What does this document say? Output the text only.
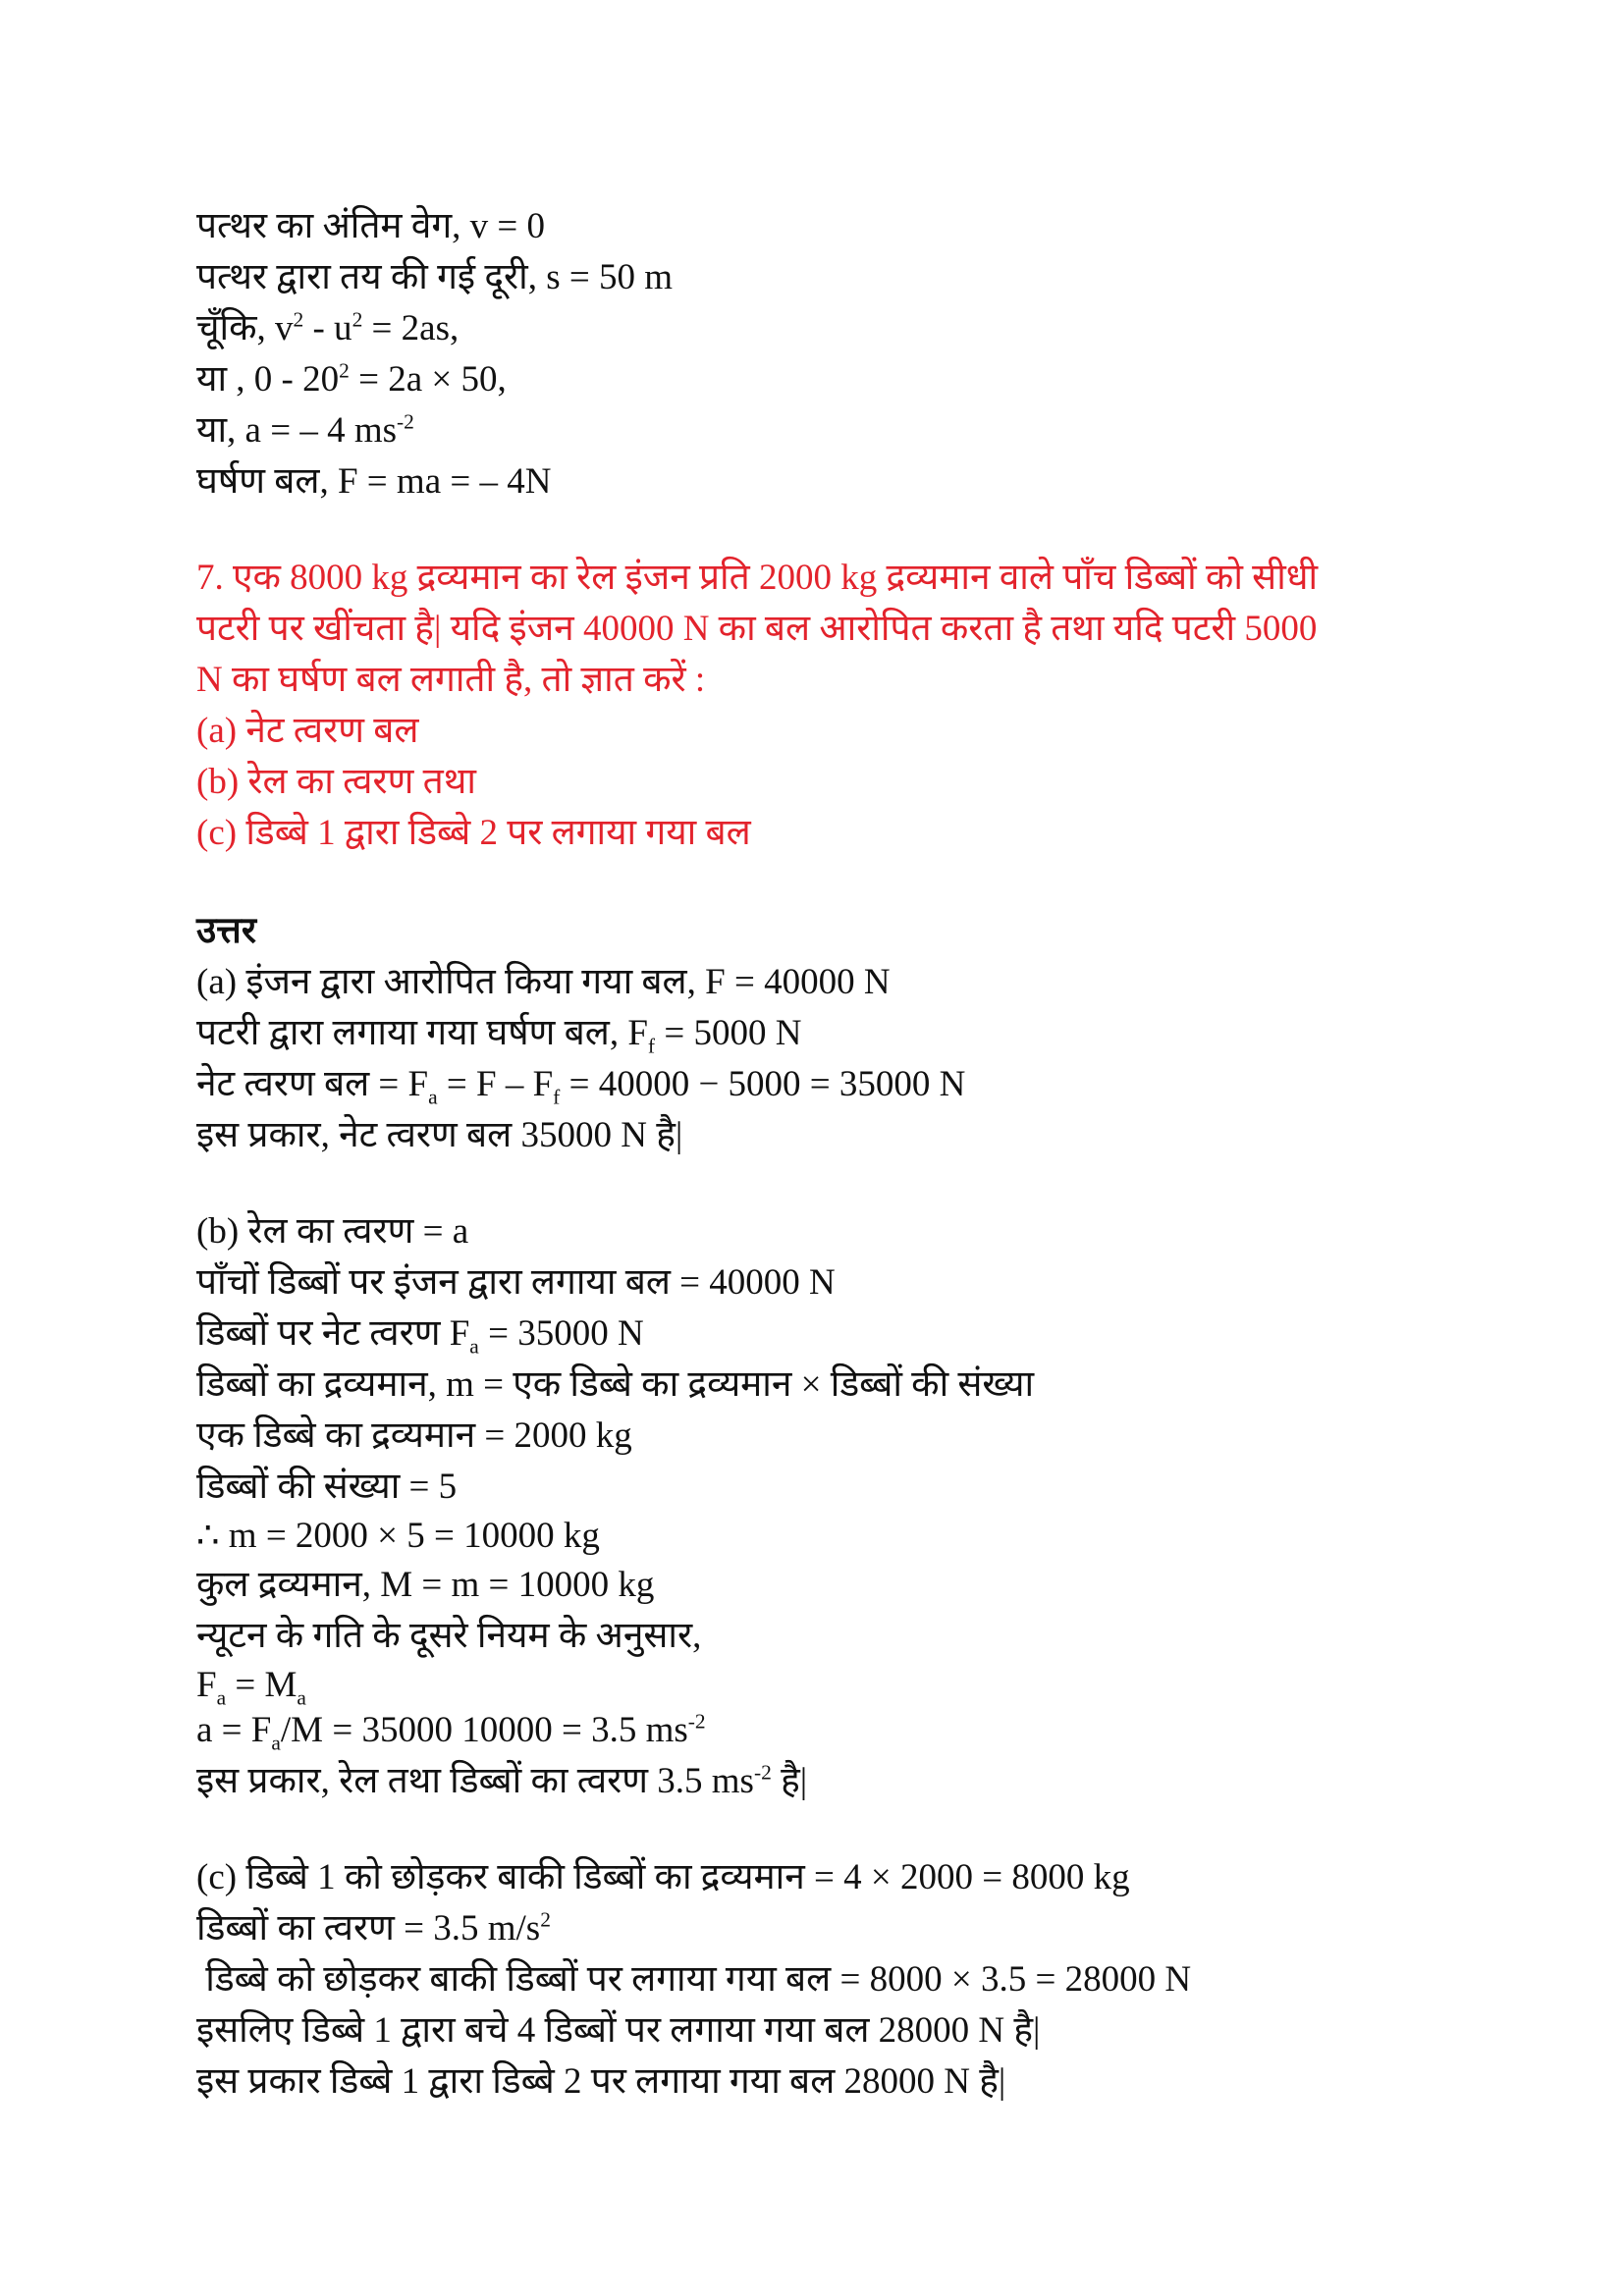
पत्थर का अंतिम वेग, v = 0
पत्थर द्वारा तय की गई दूरी, s = 50 m
चूँकि, $v^2 - u^2 = 2as$,
या , $0 - 20^2 = 2a \times 50$,
या, a = – 4 $ms^{-2}$
घर्षण बल, F = ma = – 4N
7. एक 8000 kg द्रव्यमान का रेल इंजन प्रति 2000 kg द्रव्यमान वाले पाँच डिब्बों को सीधी
पटरी पर खींचता है| यदि इंजन 40000 N का बल आरोपित करता है तथा यदि पटरी 5000
N का घर्षण बल लगाती है, तो ज्ञात करें :
(a) नेट त्वरण बल
(b) रेल का त्वरण तथा
(c) डिब्बे 1 द्वारा डिब्बे 2 पर लगाया गया बल
उत्तर
(a) इंजन द्वारा आरोपित किया गया बल, F = 40000 N
पटरी द्वारा लगाया गया घर्षण बल, $F_f = 5000$ N
नेट त्वरण बल = $F_a = F - F_f = 40000 - 5000 = 35000$ N
इस प्रकार, नेट त्वरण बल 35000 N है|
(b) रेल का त्वरण = a
पाँचों डिब्बों पर इंजन द्वारा लगाया बल = 40000 N
डिब्बों पर नेट त्वरण $F_a = 35000$ N
डिब्बों का द्रव्यमान, m = एक डिब्बे का द्रव्यमान × डिब्बों की संख्या
एक डिब्बे का द्रव्यमान = 2000 kg
डिब्बों की संख्या = 5
∴ m = 2000 × 5 = 10000 kg
कुल द्रव्यमान, M = m = 10000 kg
न्यूटन के गति के दूसरे नियम के अनुसार,
$F_a = M_a$
$a = F_a/M = 35000$ 10000 = 3.5 $ms^{-2}$
इस प्रकार, रेल तथा डिब्बों का त्वरण 3.5 $ms^{-2}$ है|
(c) डिब्बे 1 को छोड़कर बाकी डिब्बों का द्रव्यमान = 4 × 2000 = 8000 kg
डिब्बों का त्वरण = 3.5 $m/s^2$
डिब्बे को छोड़कर बाकी डिब्बों पर लगाया गया बल = 8000 × 3.5 = 28000 N
इसलिए डिब्बे 1 द्वारा बचे 4 डिब्बों पर लगाया गया बल 28000 N है|
इस प्रकार डिब्बे 1 द्वारा डिब्बे 2 पर लगाया गया बल 28000 N है|
